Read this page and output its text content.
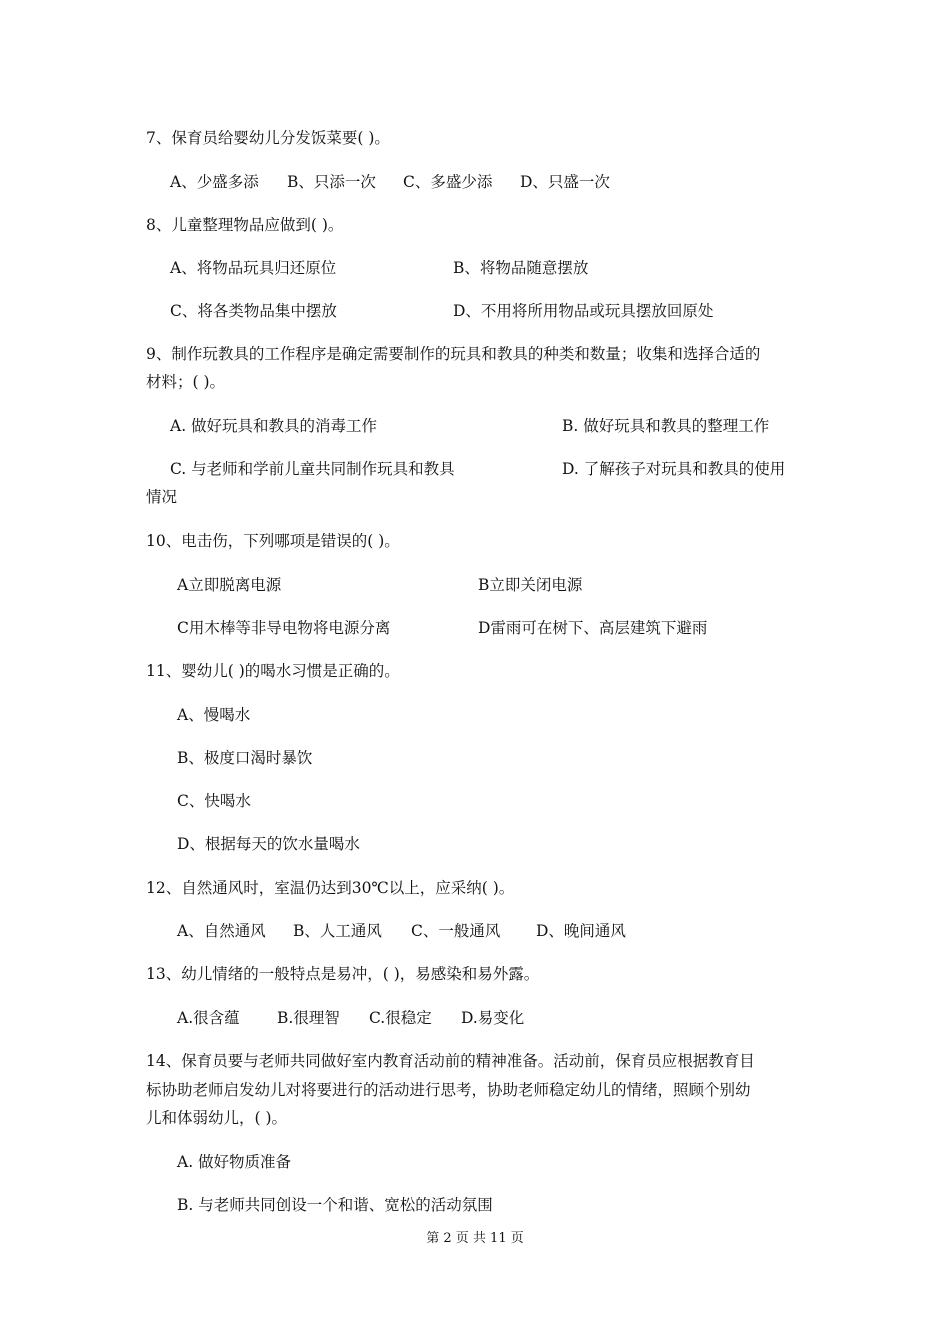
7、保育员给婴幼儿分发饭菜要( )。
A、少盛多添 B、只添一次 C、多盛少添 D、只盛一次
8、儿童整理物品应做到( )。
A、将物品玩具归还原位	B、将物品随意摆放
C、将各类物品集中摆放	D、不用将所用物品或玩具摆放回原处
9、制作玩教具的工作程序是确定需要制作的玩具和教具的种类和数量；收集和选择合适的
材料；( )。
A. 做好玩具和教具的消毒工作	B. 做好玩具和教具的整理工作
C. 与老师和学前儿童共同制作玩具和教具	D. 了解孩子对玩具和教具的使用
情况
10、电击伤，下列哪项是错误的( )。
A立即脱离电源	B立即关闭电源
C用木棒等非导电物将电源分离	D雷雨可在树下、高层建筑下避雨
11、婴幼儿( )的喝水习惯是正确的。
A、慢喝水
B、极度口渴时暴饮
C、快喝水
D、根据每天的饮水量喝水
12、自然通风时，室温仍达到30℃以上，应采纳( )。
A、自然通风 B、人工通风 C、一般通风 D、晚间通风
13、幼儿情绪的一般特点是易冲，( )，易感染和易外露。
A.很含蕴 B.很理智 C.很稳定 D.易变化
14、保育员要与老师共同做好室内教育活动前的精神准备。活动前，保育员应根据教育目
标协助老师启发幼儿对将要进行的活动进行思考，协助老师稳定幼儿的情绪，照顾个别幼
儿和体弱幼儿，( )。
A. 做好物质准备
B. 与老师共同创设一个和谐、宽松的活动氛围
第 2 页 共 11 页
